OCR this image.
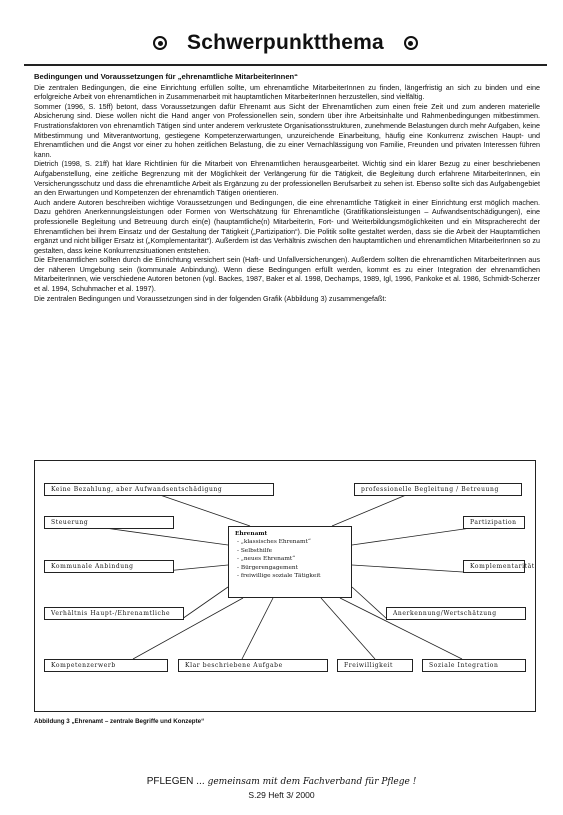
Schwerpunktthema
Bedingungen und Voraussetzungen für „ehrenamtliche MitarbeiterInnen“

Die zentralen Bedingungen, die eine Einrichtung erfüllen sollte, um ehrenamtliche MitarbeiterInnen zu finden, längerfristig an sich zu binden und eine erfolgreiche Arbeit von ehrenamtlichen in Zusammenarbeit mit hauptamtlichen MitarbeiterInnen herzustellen, sind vielfältig.

Sommer (1996, S. 15ff) betont, dass Voraussetzungen dafür Ehrenamt aus Sicht der Ehrenamtlichen zum einen freie Zeit und zum anderen materielle Absicherung sind. Diese wollen nicht die Hand anger von Professionellen sein, sondern über ihre Arbeitsinhalte und Rahmenbedingungen mitbestimmen. Frustrationsfaktoren von ehrenamtlich Tätigen sind unter anderem verkrustete Organisationsstrukturen, zunehmende Belastungen durch mehr Aufgaben, keine Mitbestimmung und Mitverantwortung, gestiegene Kompetenzerwartungen, unzureichende Einarbeitung, häufig eine Konkurrenz zwischen Haupt- und Ehrenamtlichen und die Angst vor einer zu hohen zeitlichen Belastung, die zu einer Vernachlässigung von Familie, Freunden und privaten Interessen führen kann.

Dietrich (1998, S. 21ff) hat klare Richtlinien für die Mitarbeit von Ehrenamtlichen herausgearbeitet. Wichtig sind ein klarer Bezug zu einer beschriebenen Aufgabenstellung, eine zeitliche Begrenzung mit der Möglichkeit der Verlängerung für die Tätigkeit, die Begleitung durch erfahrene MitarbeiterInnen, ein Versicherungsschutz und dass die ehrenamtliche Arbeit als Ergänzung zu der professionellen Berufsarbeit zu sehen ist. Ebenso sollte sich das Aufgabengebiet an den Erwartungen und Kompetenzen der ehrenamtlich Tätigen orientieren.

Auch andere Autoren beschreiben wichtige Voraussetzungen und Bedingungen, die eine ehrenamtliche Tätigkeit in einer Einrichtung erst möglich machen. Dazu gehören Anerkennungsleistungen oder Formen von Wertschätzung für Ehrenamtliche (Gratifikationsleistungen – Aufwandsentschädigungen), eine professionelle Begleitung und Betreuung durch ein(e) (hauptamtliche(n) MitarbeiterIn, Fort- und Weiterbildungsmöglichkeiten und ein Mitspracherecht der Ehrenamtlichen bei ihrem Einsatz und der Gestaltung der Tätigkeit („Partizipation“). Die Politik sollte gestaltet werden, dass sie die Arbeit der Hauptamtlichen ergänzt und nicht billiger Ersatz ist („Komplementarität“). Außerdem ist das Verhältnis zwischen den hauptamtlichen und ehrenamtlichen MitarbeiterInnen so zu gestalten, dass keine Konkurrenzsituationen entstehen.

Die Ehrenamtlichen sollten durch die Einrichtung versichert sein (Haft- und Unfallversicherungen). Außerdem sollten die ehrenamtlichen MitarbeiterInnen aus der näheren Umgebung sein (kommunale Anbindung). Wenn diese Bedingungen erfüllt werden, kommt es zu einer Integration der ehrenamtlichen MitarbeiterInnen, wie verschiedene Autoren betonen (vgl. Backes, 1987, Baker et al. 1998, Dechamps, 1989, Igl, 1996, Pankoke et al. 1986, Schmidt-Scherzer et al. 1994, Schuhmacher et al. 1997).

Die zentralen Bedingungen und Voraussetzungen sind in der folgenden Grafik (Abbildung 3) zusammengefaßt:

Keine Bezahlung, aber Aufwandsentschädigung	professionelle Begleitung / Betreuung
Steuerung	Partizipation
Kommunale Anbindung	Komplementarität
Verhältnis Haupt-/Ehrenamtliche	Anerkennung/Wertschätzung
Kompetenzerwerb	Klar beschriebene Aufgabe	Freiwilligkeit	Soziale Integration
Ehrenamt
- „klassisches Ehrenamt“
- Selbsthilfe
- „neues Ehrenamt“
- Bürgerengagement
- freiwillige soziale Tätigkeit
Abbildung 3 „Ehrenamt – zentrale Begriffe und Konzepte“
PFLEGEN ... gemeinsam mit dem Fachverband für Pflege !
S.29 Heft 3/ 2000
